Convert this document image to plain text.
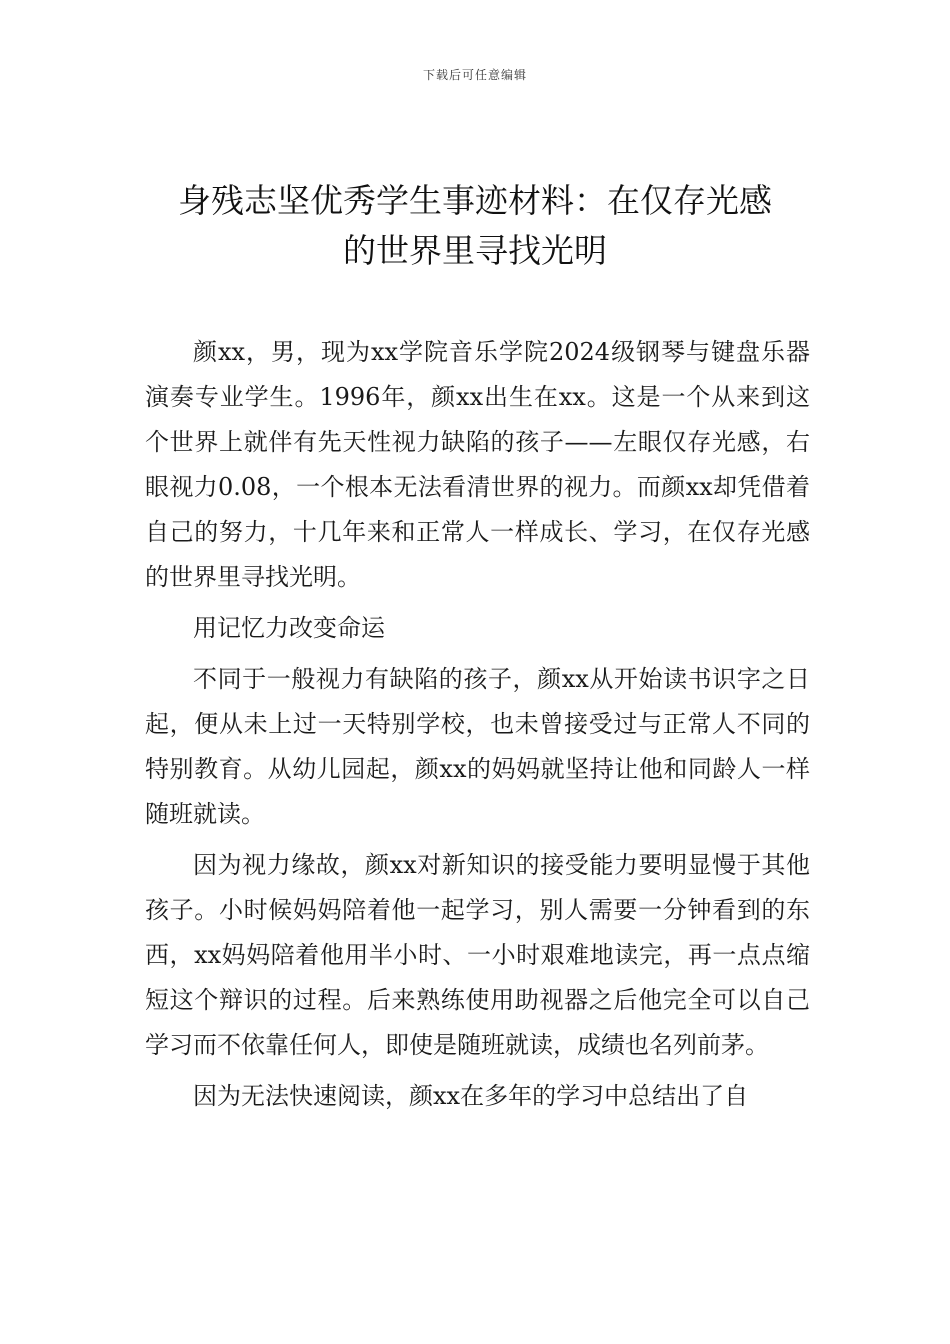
下载后可任意编辑
身残志坚优秀学生事迹材料：在仅存光感
的世界里寻找光明

颜xx，男，现为xx学院音乐学院2024级钢琴与键盘乐器演奏专业学生。1996年，颜xx出生在xx。这是一个从来到这个世界上就伴有先天性视力缺陷的孩子——左眼仅存光感，右眼视力0.08，一个根本无法看清世界的视力。而颜xx却凭借着自己的努力，十几年来和正常人一样成长、学习，在仅存光感的世界里寻找光明。

用记忆力改变命运

不同于一般视力有缺陷的孩子，颜xx从开始读书识字之日起，便从未上过一天特别学校，也未曾接受过与正常人不同的特别教育。从幼儿园起，颜xx的妈妈就坚持让他和同龄人一样随班就读。

因为视力缘故，颜xx对新知识的接受能力要明显慢于其他孩子。小时候妈妈陪着他一起学习，别人需要一分钟看到的东西，xx妈妈陪着他用半小时、一小时艰难地读完，再一点点缩短这个辩识的过程。后来熟练使用助视器之后他完全可以自己学习而不依靠任何人，即使是随班就读，成绩也名列前茅。

因为无法快速阅读，颜xx在多年的学习中总结出了自
